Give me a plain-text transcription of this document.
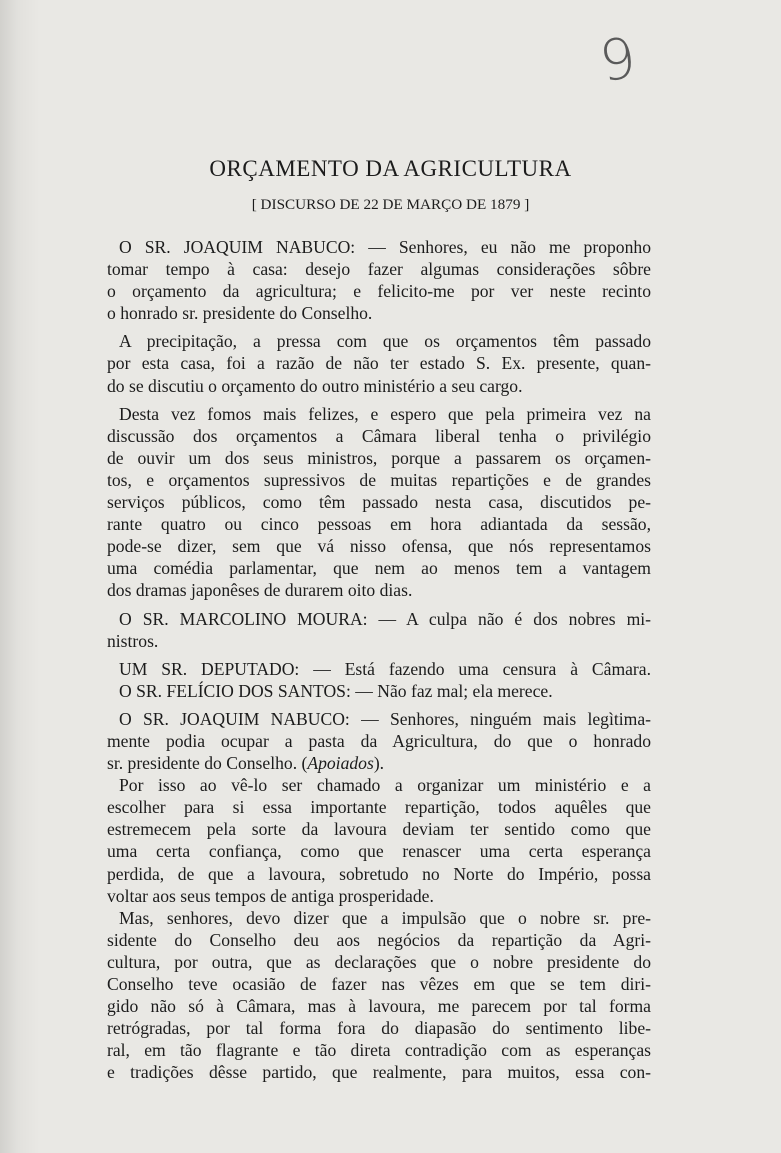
9
ORÇAMENTO DA AGRICULTURA
[ DISCURSO DE 22 DE MARÇO DE 1879 ]
O SR. JOAQUIM NABUCO: — Senhores, eu não me proponho
tomar tempo à casa: desejo fazer algumas considerações sôbre
o orçamento da agricultura; e felicito-me por ver neste recinto
o honrado sr. presidente do Conselho.
A precipitação, a pressa com que os orçamentos têm passado
por esta casa, foi a razão de não ter estado S. Ex. presente, quan-
do se discutiu o orçamento do outro ministério a seu cargo.
Desta vez fomos mais felizes, e espero que pela primeira vez na
discussão dos orçamentos a Câmara liberal tenha o privilégio
de ouvir um dos seus ministros, porque a passarem os orçamen-
tos, e orçamentos supressivos de muitas repartições e de grandes
serviços públicos, como têm passado nesta casa, discutidos pe-
rante quatro ou cinco pessoas em hora adiantada da sessão,
pode-se dizer, sem que vá nisso ofensa, que nós representamos
uma comédia parlamentar, que nem ao menos tem a vantagem
dos dramas japonêses de durarem oito dias.
O SR. MARCOLINO MOURA: — A culpa não é dos nobres mi-
nistros.
UM SR. DEPUTADO: — Está fazendo uma censura à Câmara.
O SR. FELÍCIO DOS SANTOS: — Não faz mal; ela merece.
O SR. JOAQUIM NABUCO: — Senhores, ninguém mais legìtima-
mente podia ocupar a pasta da Agricultura, do que o honrado
sr. presidente do Conselho. (Apoiados).
Por isso ao vê-lo ser chamado a organizar um ministério e a
escolher para si essa importante repartição, todos aquêles que
estremecem pela sorte da lavoura deviam ter sentido como que
uma certa confiança, como que renascer uma certa esperança
perdida, de que a lavoura, sobretudo no Norte do Império, possa
voltar aos seus tempos de antiga prosperidade.
Mas, senhores, devo dizer que a impulsão que o nobre sr. pre-
sidente do Conselho deu aos negócios da repartição da Agri-
cultura, por outra, que as declarações que o nobre presidente do
Conselho teve ocasião de fazer nas vêzes em que se tem diri-
gido não só à Câmara, mas à lavoura, me parecem por tal forma
retrógradas, por tal forma fora do diapasão do sentimento libe-
ral, em tão flagrante e tão direta contradição com as esperanças
e tradições dêsse partido, que realmente, para muitos, essa con-
